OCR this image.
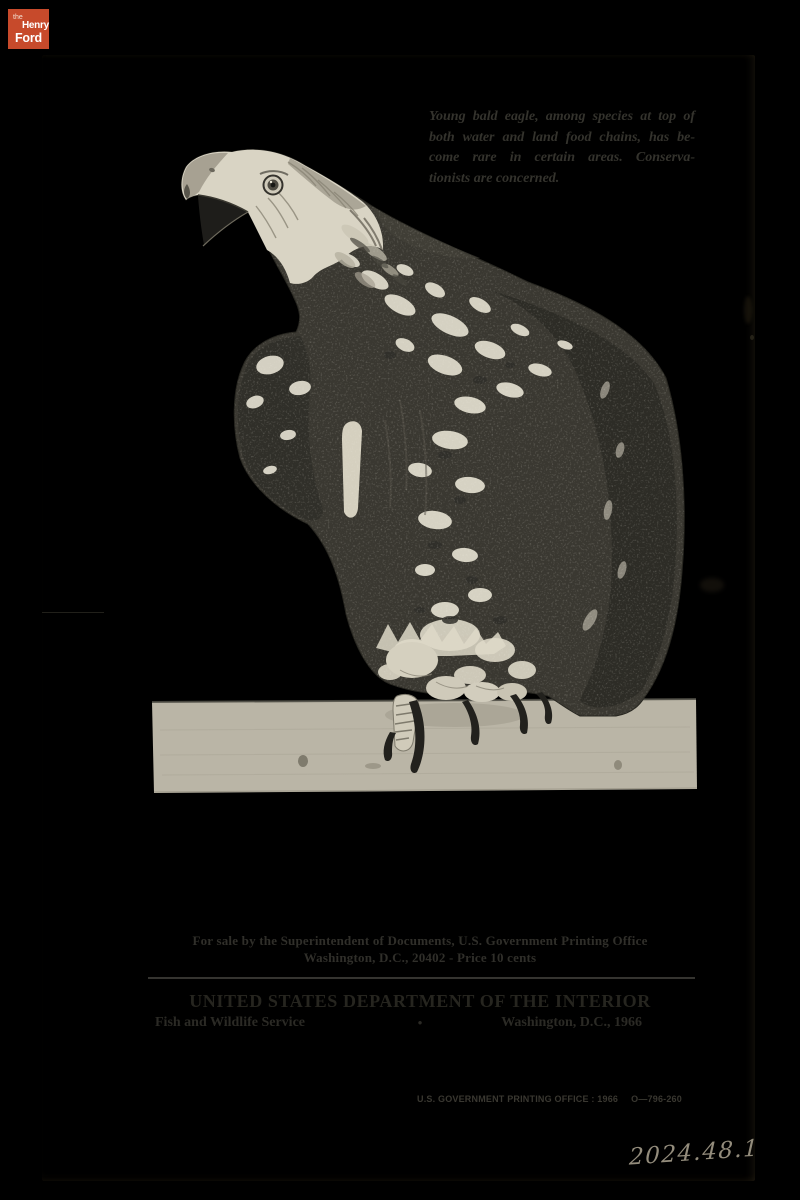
the
Henry
Ford
Young bald eagle, among species at top of
both water and land food chains, has be-
come rare in certain areas. Conserva-
tionists are concerned.
For sale by the Superintendent of Documents, U.S. Government Printing Office
Washington, D.C., 20402 - Price 10 cents
UNITED STATES DEPARTMENT OF THE INTERIOR
Fish and Wildlife Service	•	Washington, D.C., 1966
U.S. GOVERNMENT PRINTING OFFICE : 1966 O—796-260
2024.48.1
